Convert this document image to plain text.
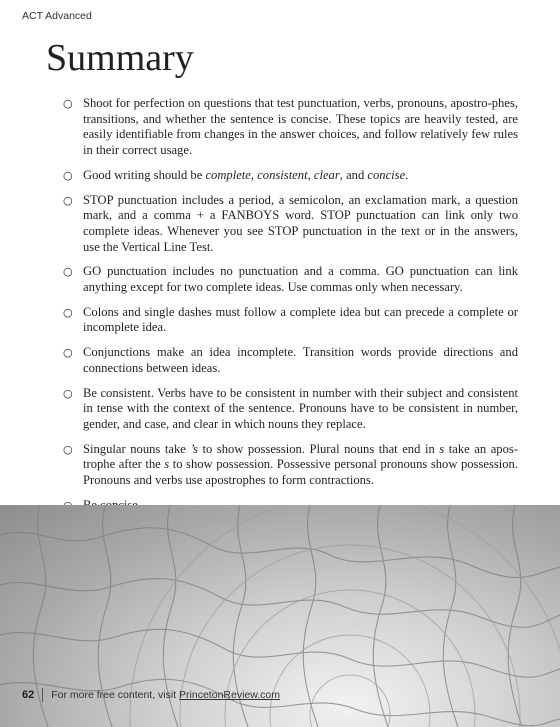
ACT Advanced
Summary
○ Shoot for perfection on questions that test punctuation, verbs, pronouns, apostro-phes, transitions, and whether the sentence is concise. These topics are heavily tested, are easily identifiable from changes in the answer choices, and follow relatively few rules in their correct usage.
○ Good writing should be complete, consistent, clear, and concise.
○ STOP punctuation includes a period, a semicolon, an exclamation mark, a question mark, and a comma + a FANBOYS word. STOP punctuation can link only two complete ideas. Whenever you see STOP punctuation in the text or in the answers, use the Vertical Line Test.
○ GO punctuation includes no punctuation and a comma. GO punctuation can link anything except for two complete ideas. Use commas only when necessary.
○ Colons and single dashes must follow a complete idea but can precede a complete or incomplete idea.
○ Conjunctions make an idea incomplete. Transition words provide directions and connections between ideas.
○ Be consistent. Verbs have to be consistent in number with their subject and consistent in tense with the context of the sentence. Pronouns have to be consistent in number, gender, and case, and clear in which nouns they replace.
○ Singular nouns take ’s to show possession. Plural nouns that end in s take an apos-trophe after the s to show possession. Possessive personal pronouns show possession. Pronouns and verbs use apostrophes to form contractions.
62 For more free content, visit PrincetonReview.com
